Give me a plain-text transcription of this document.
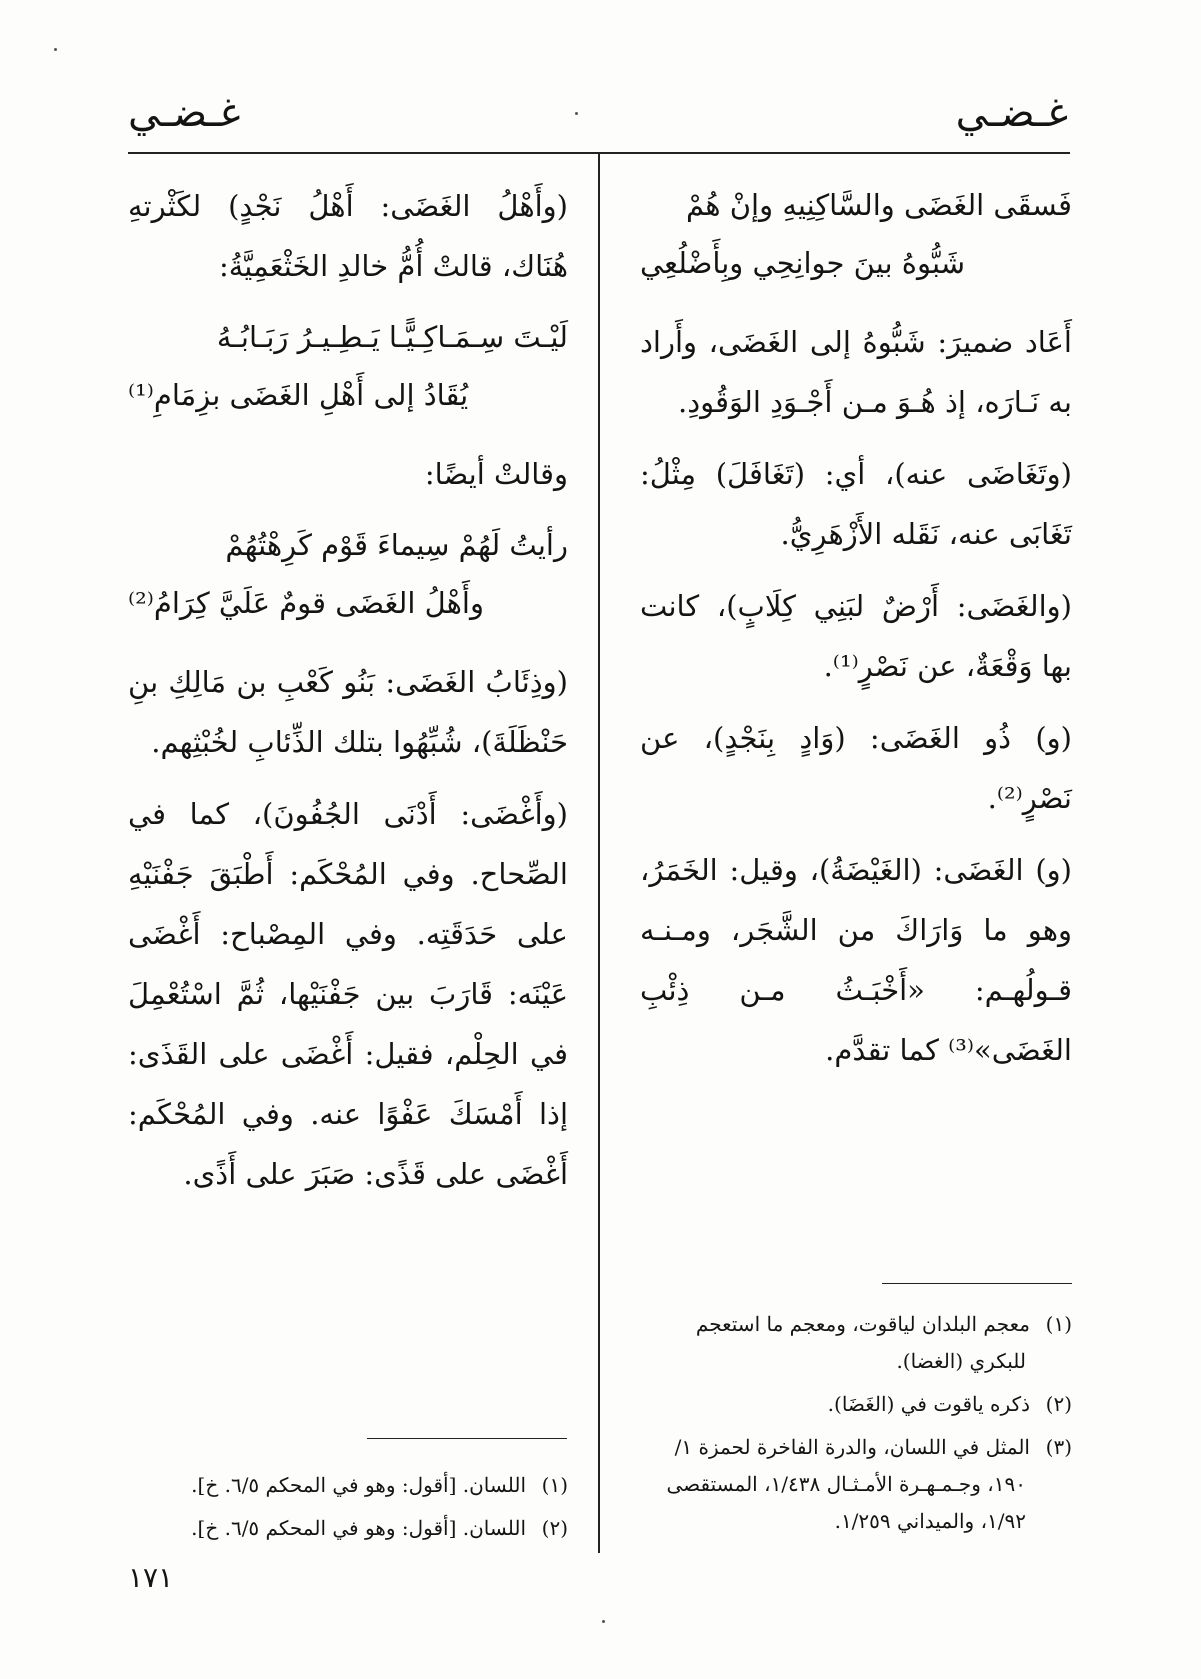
غـضـي
غـضـي

فَسقَى الغَضَى والسَّاكِنِيهِ وإنْ هُمْ

شَبُّوهُ بينَ جوانِحِي وبِأَضْلُعِي

أَعَاد ضميرَ: شَبُّوهُ إلى الغَضَى، وأَراد به نَـارَه، إذ هُـوَ مـن أَجْـوَدِ الوَقُودِ.

(وتَغَاضَى عنه)، أي: (تَغَافَلَ) مِثْلُ: تَغَابَى عنه، نَقَله الأَزْهَرِيُّ.

(والغَضَى: أَرْضٌ لبَنِي كِلَابٍ)، كانت بها وَقْعَةٌ، عن نَصْرٍ⁽¹⁾.

(و) ذُو الغَضَى: (وَادٍ بِنَجْدٍ)، عن نَصْرٍ⁽²⁾.

(و) الغَضَى: (الغَيْضَةُ)، وقيل: الخَمَرُ، وهو ما وَارَاكَ من الشَّجَر، ومـنـه قـولُهـم: «أَخْبَـثُ مـن ذِئْبِ الغَضَى»⁽³⁾ كما تقدَّم.

(وأَهْلُ الغَضَى: أَهْلُ نَجْدٍ) لكَثْرتهِ هُنَاك، قالتْ أُمُّ خالدِ الخَثْعَمِيَّةُ:

لَيْـتَ سِـمَـاكِـيًّـا يَـطِـيـرُ رَبَـابُـهُ

يُقَادُ إلى أَهْلِ الغَضَى بزِمَامِ⁽¹⁾

وقالتْ أيضًا:

رأيتُ لَهُمْ سِيماءَ قَوْم كَرِهْتُهُمْ

وأَهْلُ الغَضَى قومٌ عَلَيَّ كِرَامُ⁽²⁾

(وذِئَابُ الغَضَى: بَنُو كَعْبِ بن مَالِكِ بنِ حَنْظَلَةَ)، شُبِّهُوا بتلك الذِّئابِ لخُبْثِهم.

(وأَغْضَى: أَدْنَى الجُفُونَ)، كما في الصِّحاح. وفي المُحْكَم: أَطْبَقَ جَفْنَيْهِ على حَدَقَتِه. وفي المِصْباح: أَغْضَى عَيْنَه: قَارَبَ بين جَفْنَيْها، ثُمَّ اسْتُعْمِلَ في الحِلْم، فقيل: أَغْضَى على القَذَى: إذا أَمْسَكَ عَفْوًا عنه. وفي المُحْكَم: أَغْضَى على قَذًى: صَبَرَ على أَذًى.

(١)معجم البلدان لياقوت، ومعجم ما استعجم للبكري (الغضا).

(٢)ذكره ياقوت في (الغَضَا).

(٣)المثل في اللسان، والدرة الفاخرة لحمزة ١/ ١٩٠، وجـمـهـرة الأمـثـال ١/٤٣٨، المستقصى ١/٩٢، والميداني ١/٢٥٩.

(١)اللسان. [أقول: وهو في المحكم ٦/٥. خ].

(٢)اللسان. [أقول: وهو في المحكم ٦/٥. خ].

١٧١
